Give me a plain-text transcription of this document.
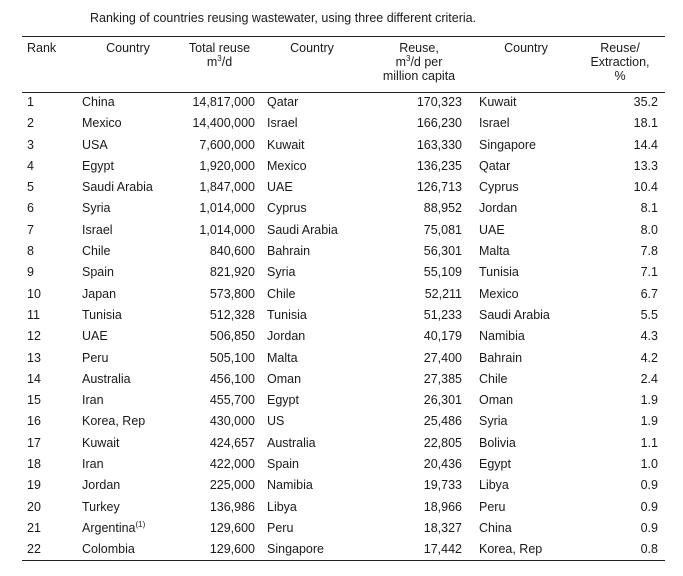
Ranking of countries reusing wastewater, using three different criteria.
Rank	Country	Total reuse
$m^3/d$
Country	Reuse,
$m^3/d$ per
million capita
Country	Reuse/
Extraction,
%
1	China	14,817,000 Qatar	170,323 Kuwait	35.2
2	Mexico	14,400,000 Israel	166,230 Israel	18.1
3	USA	7,600,000 Kuwait	163,330 Singapore	14.4
4	Egypt	1,920,000 Mexico	136,235 Qatar	13.3
5	Saudi Arabia	1,847,000 UAE	126,713 Cyprus	10.4
6	Syria	1,014,000 Cyprus	88,952 Jordan	8.1
7	Israel	1,014,000 Saudi Arabia	75,081 UAE	8.0
8	Chile	840,600 Bahrain	56,301 Malta	7.8
9	Spain	821,920 Syria	55,109 Tunisia	7.1
10	Japan	573,800 Chile	52,211 Mexico	6.7
11	Tunisia	512,328 Tunisia	51,233 Saudi Arabia	5.5
12	UAE	506,850 Jordan	40,179 Namibia	4.3
13	Peru	505,100 Malta	27,400 Bahrain	4.2
14	Australia	456,100 Oman	27,385 Chile	2.4
15	Iran	455,700 Egypt	26,301 Oman	1.9
16	Korea, Rep	430,000 US	25,486 Syria	1.9
17	Kuwait	424,657 Australia	22,805 Bolivia	1.1
18	Iran	422,000 Spain	20,436 Egypt	1.0
19	Jordan	225,000 Namibia	19,733 Libya	0.9
20	Turkey	136,986 Libya	18,966 Peru	0.9
21	Argentina$^{(1)}$	129,600 Peru	18,327 China	0.9
22	Colombia	129,600 Singapore	17,442 Korea, Rep	0.8
